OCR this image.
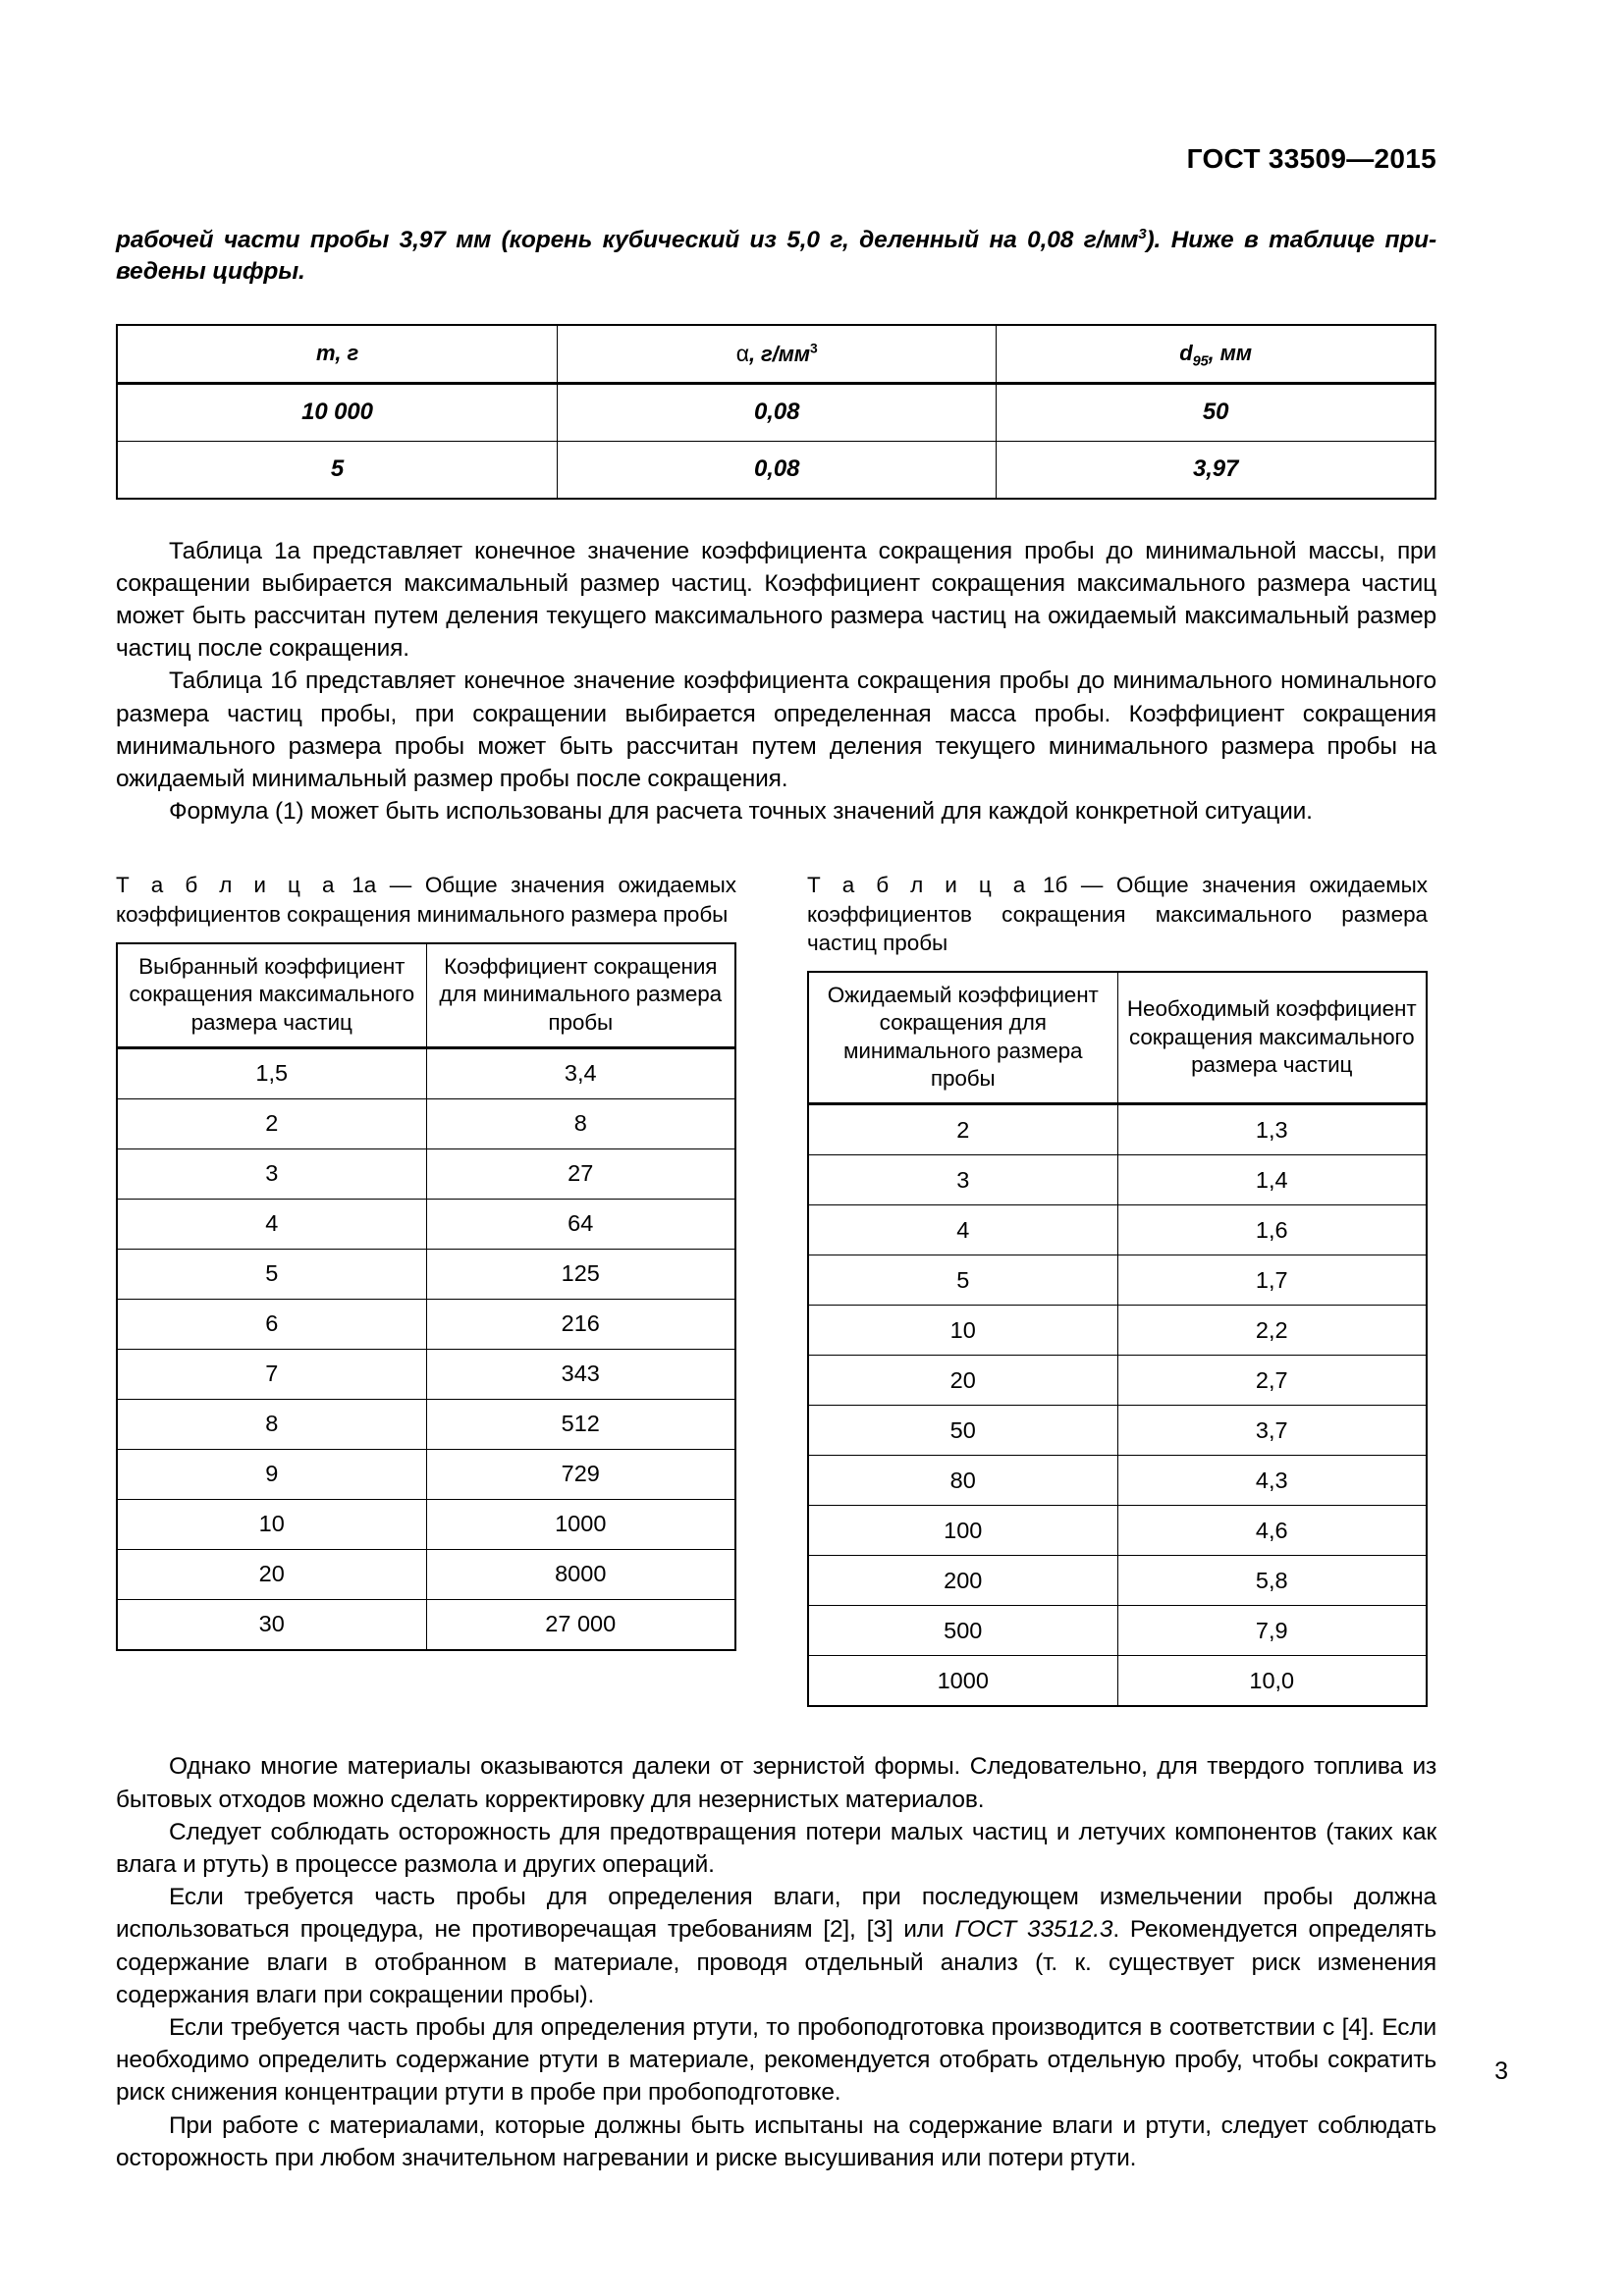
ГОСТ 33509—2015
рабочей части пробы 3,97 мм (корень кубический из 5,0 г, деленный на 0,08 $г/мм^3$). Ниже в таблице при- ведены цифры.
m, г	α, $г/мм^3$	$d_{95}$, мм
10 000	0,08	50
5	0,08	3,97

Таблица 1а представляет конечное значение коэффициента сокращения пробы до минимальной массы, при сокращении выбирается максимальный размер частиц. Коэффициент сокращения максимального размера частиц может быть рассчитан путем деления текущего максимального размера частиц на ожидаемый максимальный размер частиц после сокращения.

Таблица 1б представляет конечное значение коэффициента сокращения пробы до минимального номинального размера частиц пробы, при сокращении выбирается определенная масса пробы. Коэффициент сокращения минимального размера пробы может быть рассчитан путем деления текущего минимального размера пробы на ожидаемый минимальный размер пробы после сокращения.

Формула (1) может быть использованы для расчета точных значений для каждой конкретной ситуации.

Т а б л и ц а 1а — Общие значения ожидаемых коэффициентов сокращения минимального размера пробы
Выбранный коэффициент сокращения максимального размера частиц	Коэффициент сокращения для минимального размера пробы
1,5	3,4
2	8
3	27
4	64
5	125
6	216
7	343
8	512
9	729
10	1000
20	8000
30	27 000
Т а б л и ц а 1б — Общие значения ожидаемых коэффициентов сокращения максимального размера частиц пробы
Ожидаемый коэффициент сокращения для минимального размера пробы	Необходимый коэффициент сокращения максимального размера частиц
2	1,3
3	1,4
4	1,6
5	1,7
10	2,2
20	2,7
50	3,7
80	4,3
100	4,6
200	5,8
500	7,9
1000	10,0

Однако многие материалы оказываются далеки от зернистой формы. Следовательно, для твердого топлива из бытовых отходов можно сделать корректировку для незернистых материалов.

Следует соблюдать осторожность для предотвращения потери малых частиц и летучих компонентов (таких как влага и ртуть) в процессе размола и других операций.

Если требуется часть пробы для определения влаги, при последующем измельчении пробы должна использоваться процедура, не противоречащая требованиям [2], [3] или ГОСТ 33512.3. Рекомендуется определять содержание влаги в отобранном в материале, проводя отдельный анализ (т. к. существует риск изменения содержания влаги при сокращении пробы).

Если требуется часть пробы для определения ртути, то пробоподготовка производится в соответствии с [4]. Если необходимо определить содержание ртути в материале, рекомендуется отобрать отдельную пробу, чтобы сократить риск снижения концентрации ртути в пробе при пробоподготовке.

При работе с материалами, которые должны быть испытаны на содержание влаги и ртути, следует соблюдать осторожность при любом значительном нагревании и риске высушивания или потери ртути.

3
